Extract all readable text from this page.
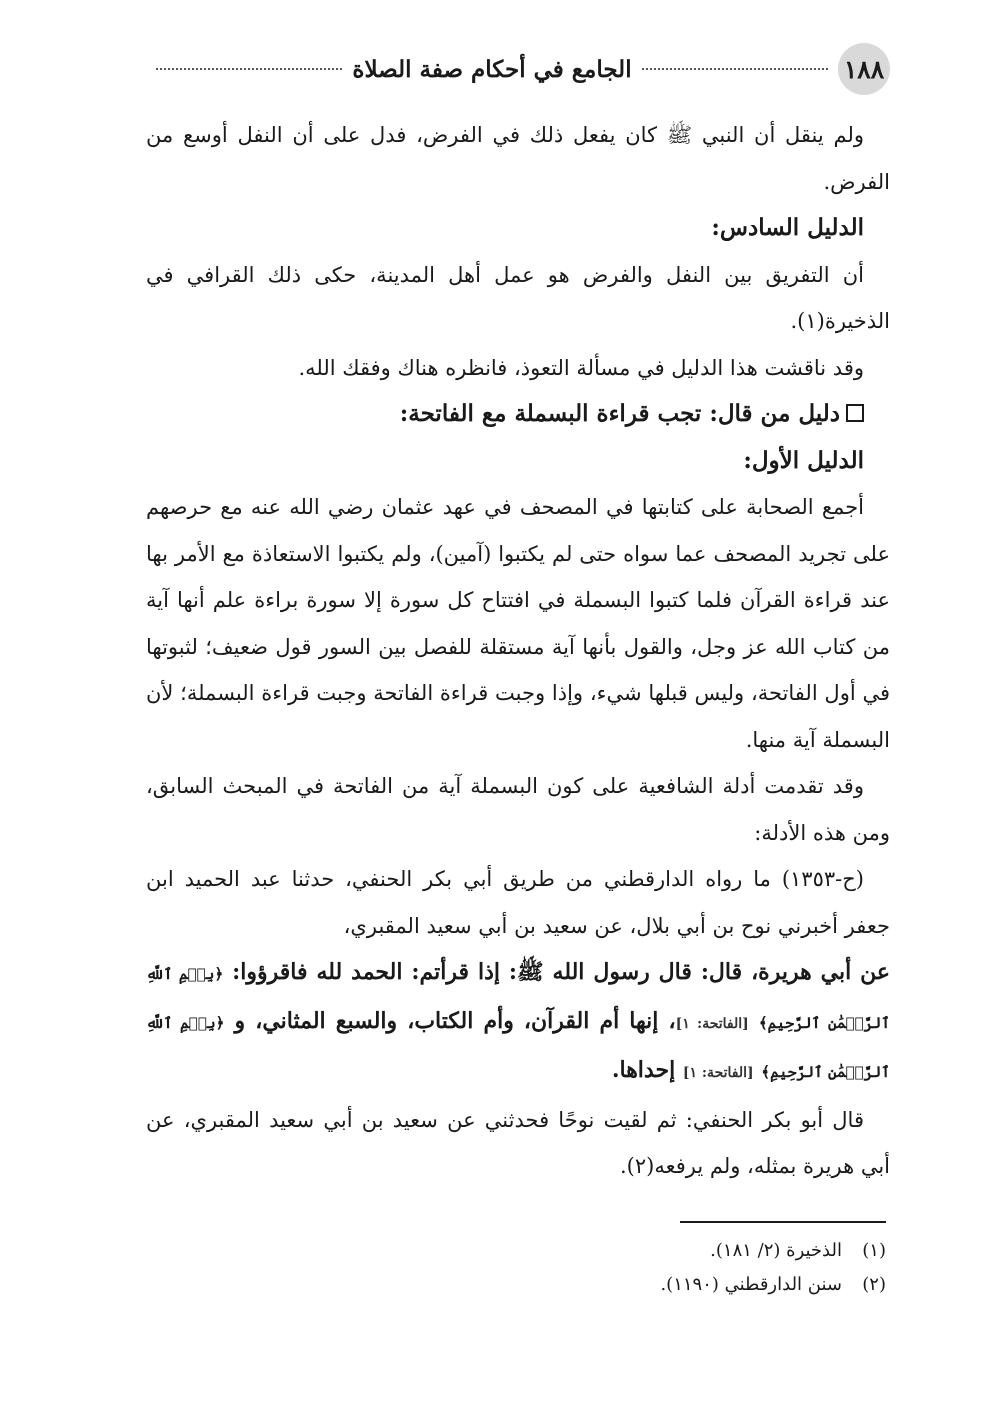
١٨٨
الجامع في أحكام صفة الصلاة

ولم ينقل أن النبي ﷺ كان يفعل ذلك في الفرض، فدل على أن النفل أوسع من الفرض.

الدليل السادس:

أن التفريق بين النفل والفرض هو عمل أهل المدينة، حكى ذلك القرافي في الذخيرة(١).

وقد ناقشت هذا الدليل في مسألة التعوذ، فانظره هناك وفقك الله.

دليل من قال: تجب قراءة البسملة مع الفاتحة:

الدليل الأول:

أجمع الصحابة على كتابتها في المصحف في عهد عثمان رضي الله عنه مع حرصهم على تجريد المصحف عما سواه حتى لم يكتبوا (آمين)، ولم يكتبوا الاستعاذة مع الأمر بها عند قراءة القرآن فلما كتبوا البسملة في افتتاح كل سورة إلا سورة براءة علم أنها آية من كتاب الله عز وجل، والقول بأنها آية مستقلة للفصل بين السور قول ضعيف؛ لثبوتها في أول الفاتحة، وليس قبلها شيء، وإذا وجبت قراءة الفاتحة وجبت قراءة البسملة؛ لأن البسملة آية منها.

وقد تقدمت أدلة الشافعية على كون البسملة آية من الفاتحة في المبحث السابق، ومن هذه الأدلة:

(ح-١٣٥٣) ما رواه الدارقطني من طريق أبي بكر الحنفي، حدثنا عبد الحميد ابن جعفر أخبرني نوح بن أبي بلال، عن سعيد بن أبي سعيد المقبري،

عن أبي هريرة، قال: قال رسول الله ﷺ: إذا قرأتم: الحمد لله فاقرؤوا: ﴿بِسۡمِ ٱللَّهِ ٱلرَّحۡمَٰنِ ٱلرَّحِيمِ﴾ [الفاتحة: ١]، إنها أم القرآن، وأم الكتاب، والسبع المثاني، و ﴿بِسۡمِ ٱللَّهِ ٱلرَّحۡمَٰنِ ٱلرَّحِيمِ﴾ [الفاتحة: ١] إحداها.

قال أبو بكر الحنفي: ثم لقيت نوحًا فحدثني عن سعيد بن أبي سعيد المقبري، عن أبي هريرة بمثله، ولم يرفعه(٢).

(١)الذخيرة (٢/ ١٨١).

(٢)سنن الدارقطني (١١٩٠).
